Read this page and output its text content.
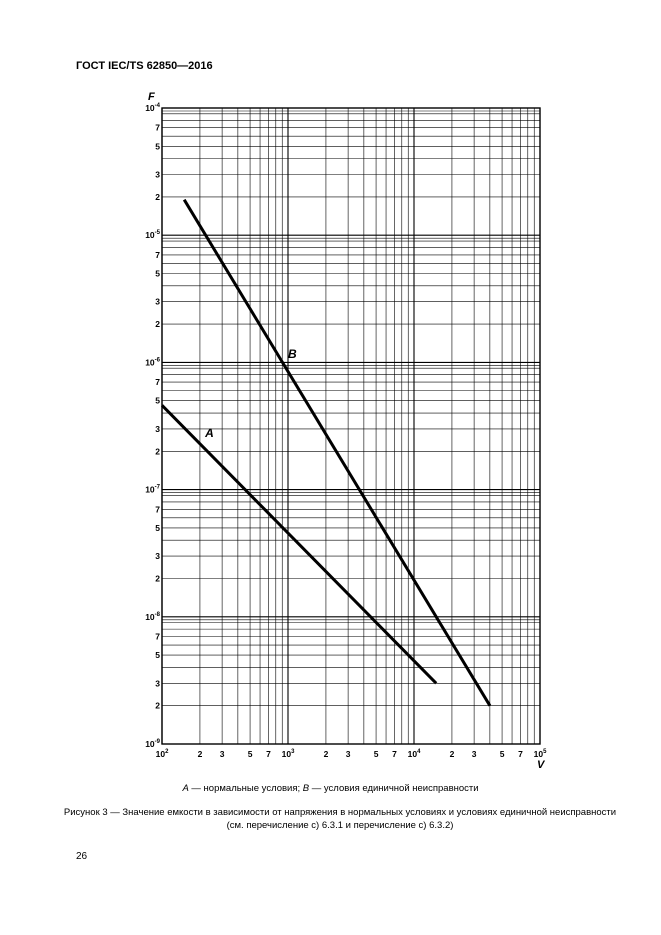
ГОСТ IEC/TS 62850—2016
$10^{-4}$
7
5
3
2
$10^{-5}$
7
5
3
2
$10^{-6}$
7
5
3
2
$10^{-7}$
7
5
3
2
$10^{-8}$
7
5
3
2
$10^{-9}$
$10^2$	2 3	5 7 $10^3$	2 3	5 7 $10^4$	2 3	5 7 $10^5$
F
V
A
B
A — нормальные условия; B — условия единичной неисправности
Рисунок 3 — Значение емкости в зависимости от напряжения в нормальных условиях и условиях единичной неисправности (см. перечисление с) 6.3.1 и перечисление с) 6.3.2)
26
